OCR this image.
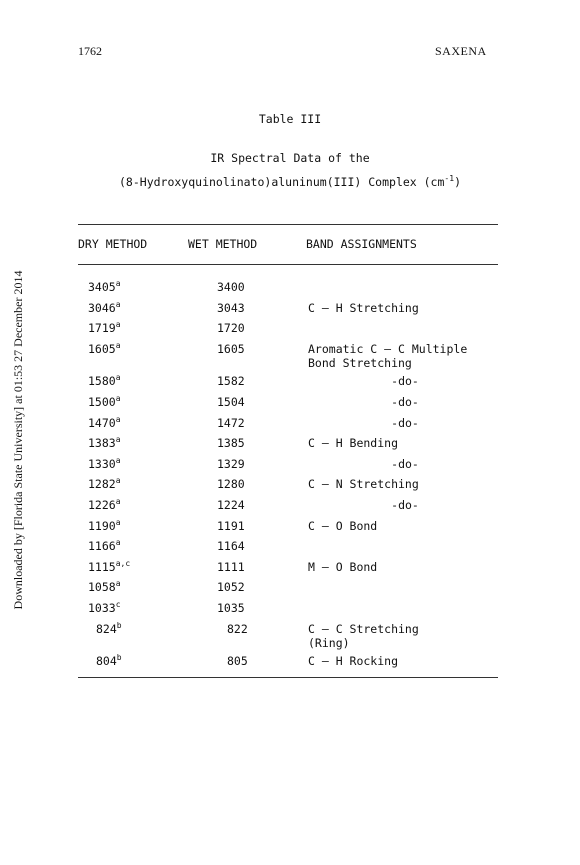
1762	SAXENA
Downloaded by [Florida State University] at 01:53 27 December 2014
Table III
IR Spectral Data of the
(8-Hydroxyquinolinato)aluninum(III) Complex $(cm^{-1})$
DRY METHOD	WET METHOD	BAND ASSIGNMENTS
3405$^a$	3400
3046$^a$	3043	C – H Stretching
1719$^a$	1720
1605$^a$	1605	Aromatic C – C Multiple
Bond Stretching
1580$^a$	1582	-do-
1500$^a$	1504	-do-
1470$^a$	1472	-do-
1383$^a$	1385	C – H Bending
1330$^a$	1329	-do-
1282$^a$	1280	C – N Stretching
1226$^a$	1224	-do-
1190$^a$	1191	C – O Bond
1166$^a$	1164
1115$^{a,c}$	1111	M – O Bond
1058$^a$	1052
1033$^c$	1035
824$^b$	822	C – C Stretching
(Ring)
804$^b$	805	C – H Rocking
